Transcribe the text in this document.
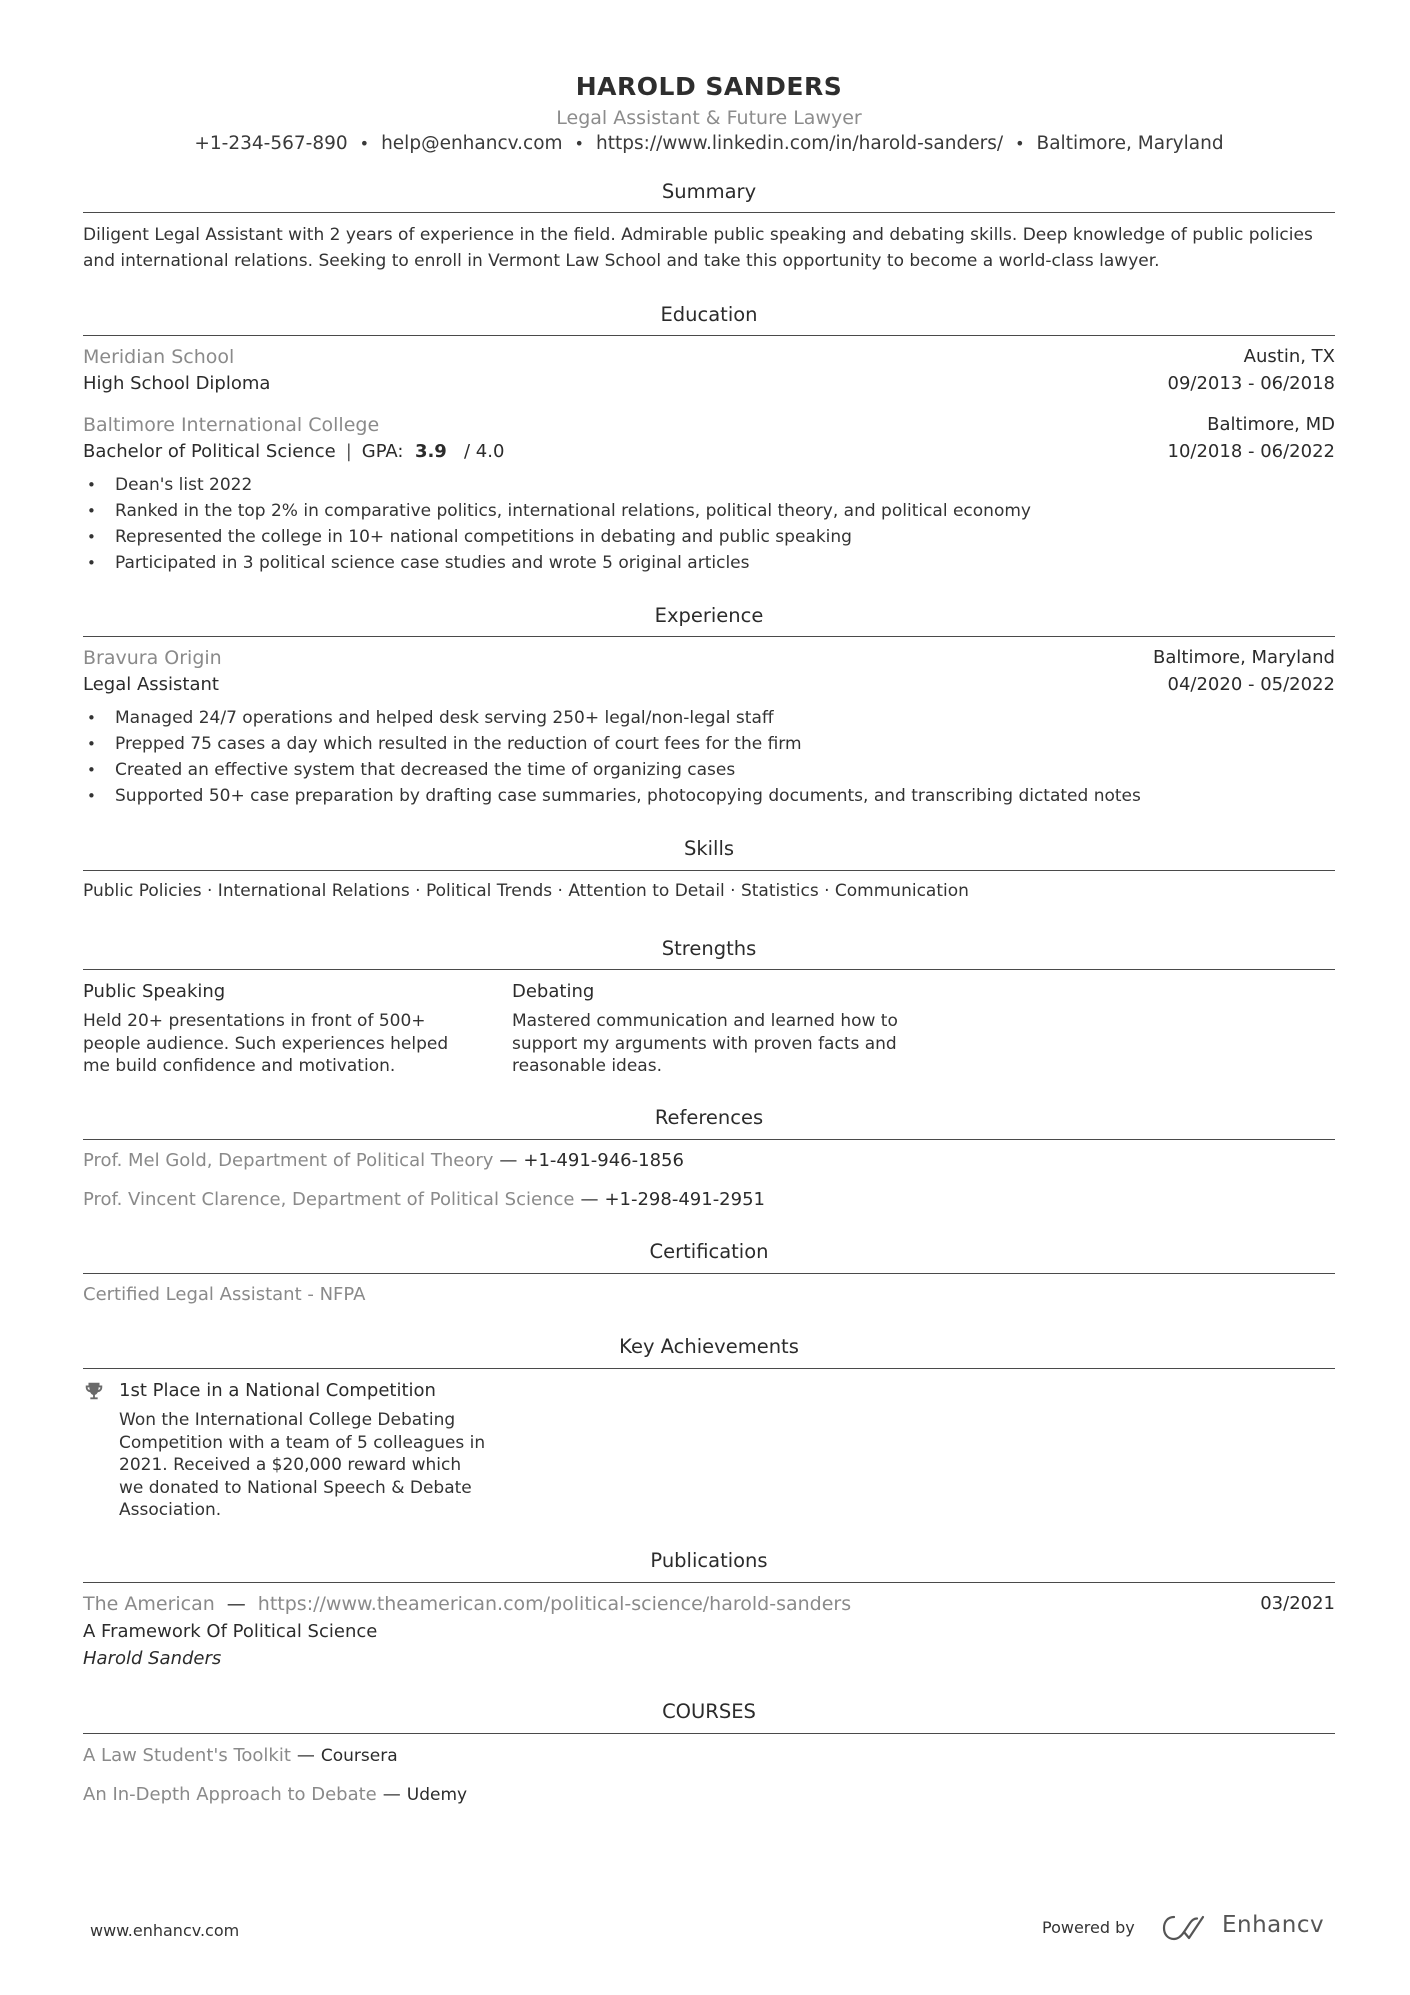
HAROLD SANDERS
Legal Assistant & Future Lawyer
+1-234-567-890 • help@enhancv.com • https://www.linkedin.com/in/harold-sanders/ • Baltimore, Maryland
Summary
Diligent Legal Assistant with 2 years of experience in the field. Admirable public speaking and debating skills. Deep knowledge of public policies and international relations. Seeking to enroll in Vermont Law School and take this opportunity to become a world-class lawyer.
Education
Meridian School	Austin, TX
High School Diploma	09/2013 - 06/2018
Baltimore International College	Baltimore, MD
Bachelor of Political Science | GPA: 3.9 / 4.0	10/2018 - 06/2022
• Dean's list 2022
• Ranked in the top 2% in comparative politics, international relations, political theory, and political economy
• Represented the college in 10+ national competitions in debating and public speaking
• Participated in 3 political science case studies and wrote 5 original articles
Experience
Bravura Origin	Baltimore, Maryland
Legal Assistant	04/2020 - 05/2022
• Managed 24/7 operations and helped desk serving 250+ legal/non-legal staff
• Prepped 75 cases a day which resulted in the reduction of court fees for the firm
• Created an effective system that decreased the time of organizing cases
• Supported 50+ case preparation by drafting case summaries, photocopying documents, and transcribing dictated notes
Skills
Public Policies · International Relations · Political Trends · Attention to Detail · Statistics · Communication
Strengths
Public Speaking
Held 20+ presentations in front of 500+ people audience. Such experiences helped me build confidence and motivation.
Debating
Mastered communication and learned how to support my arguments with proven facts and reasonable ideas.
References
Prof. Mel Gold, Department of Political Theory — +1-491-946-1856
Prof. Vincent Clarence, Department of Political Science — +1-298-491-2951
Certification
Certified Legal Assistant - NFPA
Key Achievements
1st Place in a National Competition
Won the International College Debating Competition with a team of 5 colleagues in 2021. Received a $20,000 reward which we donated to National Speech & Debate Association.
Publications
The American — https://www.theamerican.com/political-science/harold-sanders	03/2021
A Framework Of Political Science
Harold Sanders
COURSES
A Law Student's Toolkit — Coursera
An In-Depth Approach to Debate — Udemy
www.enhancv.com	Powered by	Enhancv
